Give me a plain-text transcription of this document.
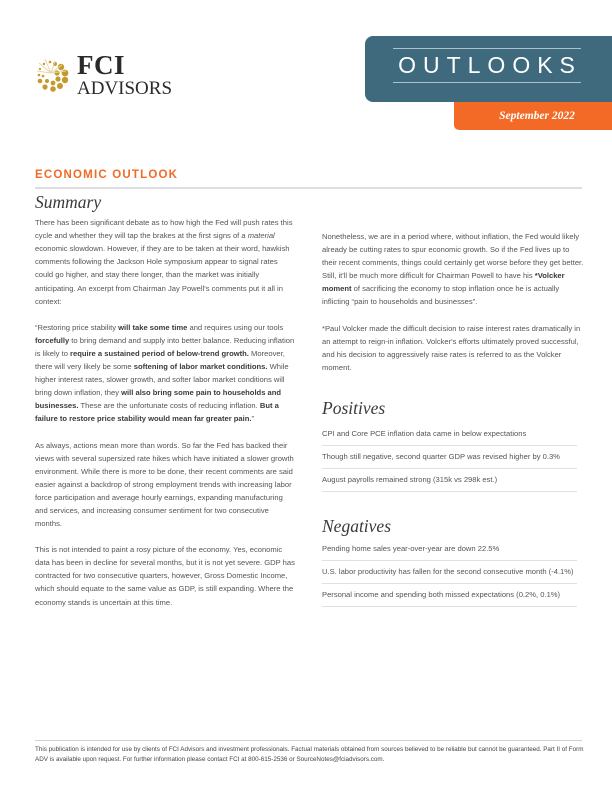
FCI
ADVISORS
OUTLOOKS
September 2022
ECONOMIC OUTLOOK
Summary

There has been significant debate as to how high the Fed will push rates this cycle and whether they will tap the brakes at the first signs of a material economic slowdown. However, if they are to be taken at their word, hawkish comments following the Jackson Hole symposium appear to signal rates could go higher, and stay there longer, than the market was initially anticipating. An excerpt from Chairman Jay Powell's comments put it all in context:

“Restoring price stability will take some time and requires using our tools forcefully to bring demand and supply into better balance. Reducing inflation is likely to require a sustained period of below-trend growth. Moreover, there will very likely be some softening of labor market conditions. While higher interest rates, slower growth, and softer labor market conditions will bring down inflation, they will also bring some pain to households and businesses. These are the unfortunate costs of reducing inflation. But a failure to restore price stability would mean far greater pain.”

As always, actions mean more than words. So far the Fed has backed their views with several supersized rate hikes which have initiated a slower growth environment. While there is more to be done, their recent comments are said easier against a backdrop of strong employment trends with increasing labor force participation and average hourly earnings, expanding manufacturing and services, and increasing consumer sentiment for two consecutive months.

This is not intended to paint a rosy picture of the economy. Yes, economic data has been in decline for several months, but it is not yet severe. GDP has contracted for two consecutive quarters, however, Gross Domestic Income, which should equate to the same value as GDP, is still expanding. Where the economy stands is uncertain at this time.

Nonetheless, we are in a period where, without inflation, the Fed would likely already be cutting rates to spur economic growth. So if the Fed lives up to their recent comments, things could certainly get worse before they get better. Still, it'll be much more difficult for Chairman Powell to have his *Volcker moment of sacrificing the economy to stop inflation once he is actually inflicting “pain to households and businesses”.

*Paul Volcker made the difficult decision to raise interest rates dramatically in an attempt to reign-in inflation. Volcker's efforts ultimately proved successful, and his decision to aggressively raise rates is referred to as the Volcker moment.

Positives
CPI and Core PCE inflation data came in below expectations
Though still negative, second quarter GDP was revised higher by 0.3%
August payrolls remained strong (315k vs 298k est.)
Negatives
Pending home sales year-over-year are down 22.5%
U.S. labor productivity has fallen for the second consecutive month (-4.1%)
Personal income and spending both missed expectations (0.2%, 0.1%)
This publication is intended for use by clients of FCI Advisors and investment professionals. Factual materials obtained from sources believed to be reliable but cannot be guaranteed. Part II of Form ADV is available upon request. For further information please contact FCI at 800-615-2536 or SourceNotes@fciadvisors.com.
